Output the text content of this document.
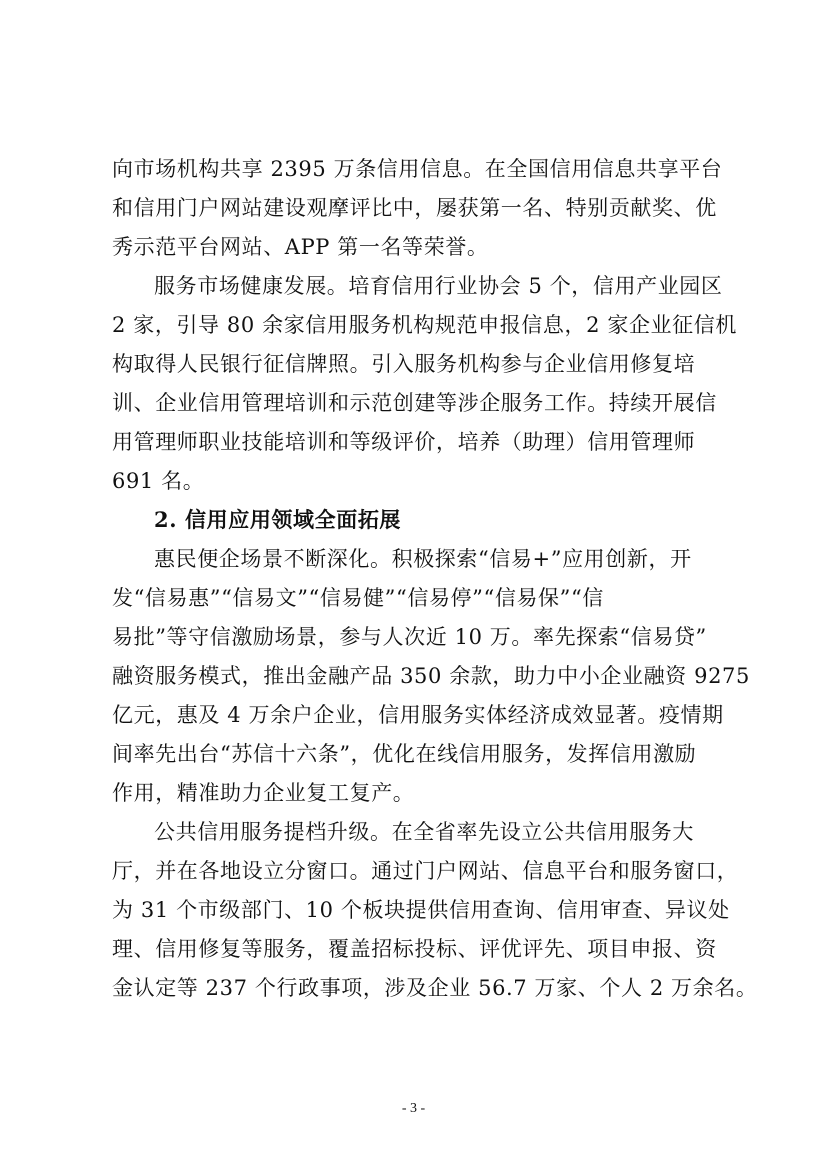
向市场机构共享 2395 万条信用信息。在全国信用信息共享平台
和信用门户网站建设观摩评比中，屡获第一名、特别贡献奖、优
秀示范平台网站、APP 第一名等荣誉。
服务市场健康发展。培育信用行业协会 5 个，信用产业园区
2 家，引导 80 余家信用服务机构规范申报信息，2 家企业征信机
构取得人民银行征信牌照。引入服务机构参与企业信用修复培
训、企业信用管理培训和示范创建等涉企服务工作。持续开展信
用管理师职业技能培训和等级评价，培养（助理）信用管理师
691 名。
2. 信用应用领域全面拓展
惠民便企场景不断深化。积极探索“信易+”应用创新，开
发“信易惠”“信易文”“信易健”“信易停”“信易保”“信
易批”等守信激励场景，参与人次近 10 万。率先探索“信易贷”
融资服务模式，推出金融产品 350 余款，助力中小企业融资 9275
亿元，惠及 4 万余户企业，信用服务实体经济成效显著。疫情期
间率先出台“苏信十六条”，优化在线信用服务，发挥信用激励
作用，精准助力企业复工复产。
公共信用服务提档升级。在全省率先设立公共信用服务大
厅，并在各地设立分窗口。通过门户网站、信息平台和服务窗口，
为 31 个市级部门、10 个板块提供信用查询、信用审查、异议处
理、信用修复等服务，覆盖招标投标、评优评先、项目申报、资
金认定等 237 个行政事项，涉及企业 56.7 万家、个人 2 万余名。
- 3 -
